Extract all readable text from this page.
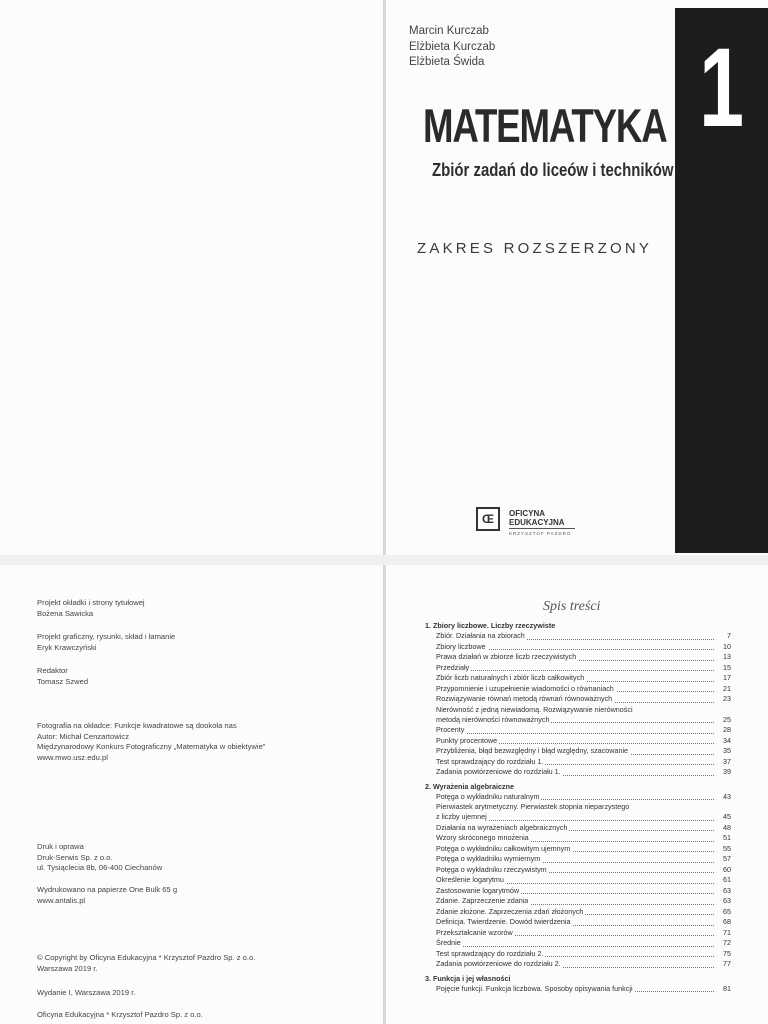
Marcin Kurczab
Elżbieta Kurczab
Elżbieta Świda 1
MATEMATYKA
Zbiór zadań do liceów i techników
ZAKRES ROZSZERZONY
Œ	OFICYNA
EDUKACYJNA
KRZYSZTOF PAZDRO
Projekt okładki i strony tytułowej
Bożena Sawicka
Projekt graficzny, rysunki, skład i łamanie
Eryk Krawczyński
Redaktor
Tomasz Szwed
Fotografia na okładce: Funkcje kwadratowe są dookoła nas
Autor: Michał Cenzartowicz
Międzynarodowy Konkurs Fotograficzny „Matematyka w obiektywie”
www.mwo.usz.edu.pl
Druk i oprawa
Druk-Serwis Sp. z o.o.
ul. Tysiąclecia 8b, 06-400 Ciechanów
Wydrukowano na papierze One Bulk 65 g
www.antalis.pl
© Copyright by Oficyna Edukacyjna * Krzysztof Pazdro Sp. z o.o.
Warszawa 2019 r.
Wydanie I, Warszawa 2019 r.
Oficyna Edukacyjna * Krzysztof Pazdro Sp. z o.o.
Spis treści
1. Zbiory liczbowe. Liczby rzeczywiste
Zbiór. Działania na zbiorach	7
Zbiory liczbowe	10
Prawa działań w zbiorze liczb rzeczywistych	13
Przedziały	15
Zbiór liczb naturalnych i zbiór liczb całkowitych	17
Przypomnienie i uzupełnienie wiadomości o równaniach	21
Rozwiązywanie równań metodą równań równoważnych	23
Nierówność z jedną niewiadomą. Rozwiązywanie nierówności
metodą nierówności równoważnych	25
Procenty	28
Punkty procentowe	34
Przybliżenia, błąd bezwzględny i błąd względny, szacowanie	35
Test sprawdzający do rozdziału 1.	37
Zadania powtórzeniowe do rozdziału 1.	39
2. Wyrażenia algebraiczne
Potęga o wykładniku naturalnym	43
Pierwiastek arytmetyczny. Pierwiastek stopnia nieparzystego
z liczby ujemnej	45
Działania na wyrażeniach algebraicznych	48
Wzory skróconego mnożenia	51
Potęga o wykładniku całkowitym ujemnym	55
Potęga o wykładniku wymiernym	57
Potęga o wykładniku rzeczywistym	60
Określenie logarytmu	61
Zastosowanie logarytmów	63
Zdanie. Zaprzeczenie zdania	63
Zdanie złożone. Zaprzeczenia zdań złożonych	65
Definicja. Twierdzenie. Dowód twierdzenia	68
Przekształcanie wzorów	71
Średnie	72
Test sprawdzający do rozdziału 2.	75
Zadania powtórzeniowe do rozdziału 2.	77
3. Funkcja i jej własności
Pojęcie funkcji. Funkcja liczbowa. Sposoby opisywania funkcji	81
